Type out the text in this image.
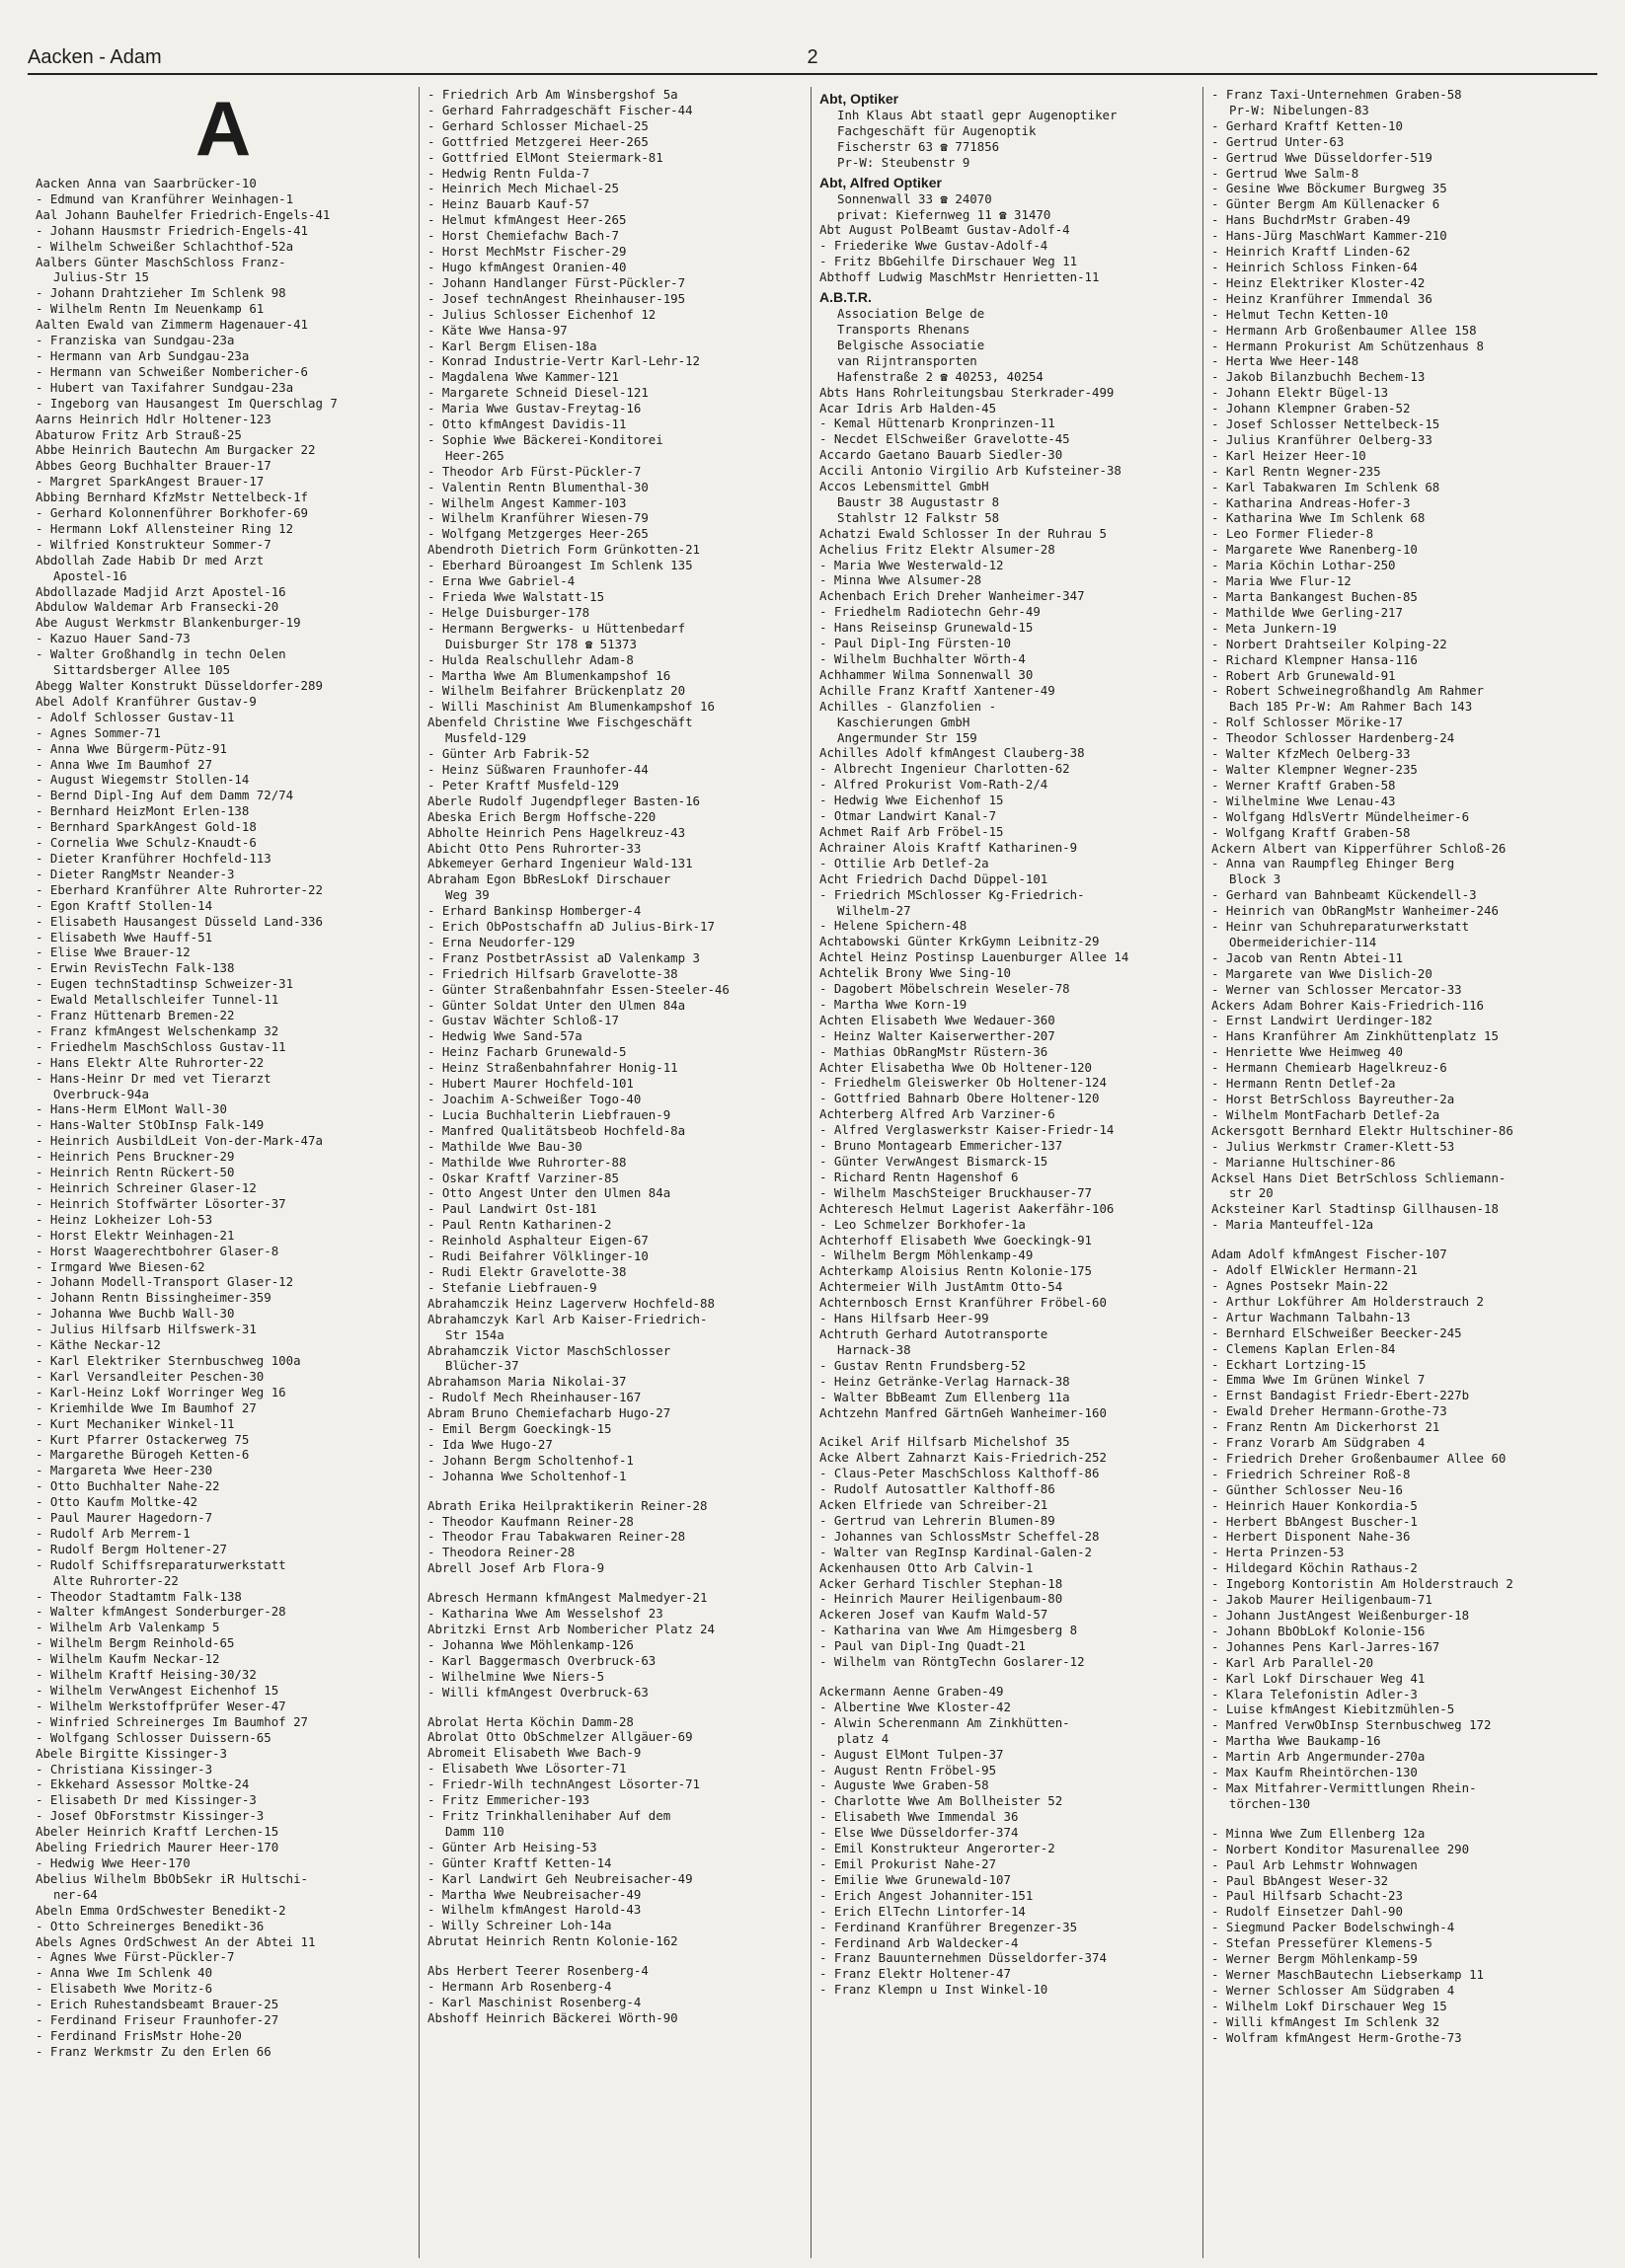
Aacken - Adam	2
A
Aacken Anna van Saarbrücker-10
- Edmund van Kranführer Weinhagen-1
Aal Johann Bauhelfer Friedrich-Engels-41
- Johann Hausmstr Friedrich-Engels-41
- Wilhelm Schweißer Schlachthof-52a
Aalbers Günter MaschSchloss Franz-
Julius-Str 15
- Johann Drahtzieher Im Schlenk 98
- Wilhelm Rentn Im Neuenkamp 61
Aalten Ewald van Zimmerm Hagenauer-41
- Franziska van Sundgau-23a
- Hermann van Arb Sundgau-23a
- Hermann van Schweißer Nombericher-6
- Hubert van Taxifahrer Sundgau-23a
- Ingeborg van Hausangest Im Querschlag 7
Aarns Heinrich Hdlr Holtener-123
Abaturow Fritz Arb Strauß-25
Abbe Heinrich Bautechn Am Burgacker 22
Abbes Georg Buchhalter Brauer-17
- Margret SparkAngest Brauer-17
Abbing Bernhard KfzMstr Nettelbeck-1f
- Gerhard Kolonnenführer Borkhofer-69
- Hermann Lokf Allensteiner Ring 12
- Wilfried Konstrukteur Sommer-7
Abdollah Zade Habib Dr med Arzt
Apostel-16
Abdollazade Madjid Arzt Apostel-16
Abdulow Waldemar Arb Fransecki-20
Abe August Werkmstr Blankenburger-19
- Kazuo Hauer Sand-73
- Walter Großhandlg in techn Oelen
Sittardsberger Allee 105
Abegg Walter Konstrukt Düsseldorfer-289
Abel Adolf Kranführer Gustav-9
- Adolf Schlosser Gustav-11
- Agnes Sommer-71
- Anna Wwe Bürgerm-Pütz-91
- Anna Wwe Im Baumhof 27
- August Wiegemstr Stollen-14
- Bernd Dipl-Ing Auf dem Damm 72/74
- Bernhard HeizMont Erlen-138
- Bernhard SparkAngest Gold-18
- Cornelia Wwe Schulz-Knaudt-6
- Dieter Kranführer Hochfeld-113
- Dieter RangMstr Neander-3
- Eberhard Kranführer Alte Ruhrorter-22
- Egon Kraftf Stollen-14
- Elisabeth Hausangest Düsseld Land-336
- Elisabeth Wwe Hauff-51
- Elise Wwe Brauer-12
- Erwin RevisTechn Falk-138
- Eugen technStadtinsp Schweizer-31
- Ewald Metallschleifer Tunnel-11
- Franz Hüttenarb Bremen-22
- Franz kfmAngest Welschenkamp 32
- Friedhelm MaschSchloss Gustav-11
- Hans Elektr Alte Ruhrorter-22
- Hans-Heinr Dr med vet Tierarzt
Overbruck-94a
- Hans-Herm ElMont Wall-30
- Hans-Walter StObInsp Falk-149
- Heinrich AusbildLeit Von-der-Mark-47a
- Heinrich Pens Bruckner-29
- Heinrich Rentn Rückert-50
- Heinrich Schreiner Glaser-12
- Heinrich Stoffwärter Lösorter-37
- Heinz Lokheizer Loh-53
- Horst Elektr Weinhagen-21
- Horst Waagerechtbohrer Glaser-8
- Irmgard Wwe Biesen-62
- Johann Modell-Transport Glaser-12
- Johann Rentn Bissingheimer-359
- Johanna Wwe Buchb Wall-30
- Julius Hilfsarb Hilfswerk-31
- Käthe Neckar-12
- Karl Elektriker Sternbuschweg 100a
- Karl Versandleiter Peschen-30
- Karl-Heinz Lokf Worringer Weg 16
- Kriemhilde Wwe Im Baumhof 27
- Kurt Mechaniker Winkel-11
- Kurt Pfarrer Ostackerweg 75
- Margarethe Bürogeh Ketten-6
- Margareta Wwe Heer-230
- Otto Buchhalter Nahe-22
- Otto Kaufm Moltke-42
- Paul Maurer Hagedorn-7
- Rudolf Arb Merrem-1
- Rudolf Bergm Holtener-27
- Rudolf Schiffsreparaturwerkstatt
Alte Ruhrorter-22
- Theodor Stadtamtm Falk-138
- Walter kfmAngest Sonderburger-28
- Wilhelm Arb Valenkamp 5
- Wilhelm Bergm Reinhold-65
- Wilhelm Kaufm Neckar-12
- Wilhelm Kraftf Heising-30/32
- Wilhelm VerwAngest Eichenhof 15
- Wilhelm Werkstoffprüfer Weser-47
- Winfried Schreinerges Im Baumhof 27
- Wolfgang Schlosser Duissern-65
Abele Birgitte Kissinger-3
- Christiana Kissinger-3
- Ekkehard Assessor Moltke-24
- Elisabeth Dr med Kissinger-3
- Josef ObForstmstr Kissinger-3
Abeler Heinrich Kraftf Lerchen-15
Abeling Friedrich Maurer Heer-170
- Hedwig Wwe Heer-170
Abelius Wilhelm BbObSekr iR Hultschi-
ner-64
Abeln Emma OrdSchwester Benedikt-2
- Otto Schreinerges Benedikt-36
Abels Agnes OrdSchwest An der Abtei 11
- Agnes Wwe Fürst-Pückler-7
- Anna Wwe Im Schlenk 40
- Elisabeth Wwe Moritz-6
- Erich Ruhestandsbeamt Brauer-25
- Ferdinand Friseur Fraunhofer-27
- Ferdinand FrisMstr Hohe-20
- Franz Werkmstr Zu den Erlen 66
- Friedrich Arb Am Winsbergshof 5a
- Gerhard Fahrradgeschäft Fischer-44
- Gerhard Schlosser Michael-25
- Gottfried Metzgerei Heer-265
- Gottfried ElMont Steiermark-81
- Hedwig Rentn Fulda-7
- Heinrich Mech Michael-25
- Heinz Bauarb Kauf-57
- Helmut kfmAngest Heer-265
- Horst Chemiefachw Bach-7
- Horst MechMstr Fischer-29
- Hugo kfmAngest Oranien-40
- Johann Handlanger Fürst-Pückler-7
- Josef technAngest Rheinhauser-195
- Julius Schlosser Eichenhof 12
- Käte Wwe Hansa-97
- Karl Bergm Elisen-18a
- Konrad Industrie-Vertr Karl-Lehr-12
- Magdalena Wwe Kammer-121
- Margarete Schneid Diesel-121
- Maria Wwe Gustav-Freytag-16
- Otto kfmAngest Davidis-11
- Sophie Wwe Bäckerei-Konditorei
Heer-265
- Theodor Arb Fürst-Pückler-7
- Valentin Rentn Blumenthal-30
- Wilhelm Angest Kammer-103
- Wilhelm Kranführer Wiesen-79
- Wolfgang Metzgerges Heer-265
Abendroth Dietrich Form Grünkotten-21
- Eberhard Büroangest Im Schlenk 135
- Erna Wwe Gabriel-4
- Frieda Wwe Walstatt-15
- Helge Duisburger-178
- Hermann Bergwerks- u Hüttenbedarf
Duisburger Str 178 ☎ 51373
- Hulda Realschullehr Adam-8
- Martha Wwe Am Blumenkampshof 16
- Wilhelm Beifahrer Brückenplatz 20
- Willi Maschinist Am Blumenkampshof 16
Abenfeld Christine Wwe Fischgeschäft
Musfeld-129
- Günter Arb Fabrik-52
- Heinz Süßwaren Fraunhofer-44
- Peter Kraftf Musfeld-129
Aberle Rudolf Jugendpfleger Basten-16
Abeska Erich Bergm Hoffsche-220
Abholte Heinrich Pens Hagelkreuz-43
Abicht Otto Pens Ruhrorter-33
Abkemeyer Gerhard Ingenieur Wald-131
Abraham Egon BbResLokf Dirschauer
Weg 39
- Erhard Bankinsp Homberger-4
- Erich ObPostschaffn aD Julius-Birk-17
- Erna Neudorfer-129
- Franz PostbetrAssist aD Valenkamp 3
- Friedrich Hilfsarb Gravelotte-38
- Günter Straßenbahnfahr Essen-Steeler-46
- Günter Soldat Unter den Ulmen 84a
- Gustav Wächter Schloß-17
- Hedwig Wwe Sand-57a
- Heinz Facharb Grunewald-5
- Heinz Straßenbahnfahrer Honig-11
- Hubert Maurer Hochfeld-101
- Joachim A-Schweißer Togo-40
- Lucia Buchhalterin Liebfrauen-9
- Manfred Qualitätsbeob Hochfeld-8a
- Mathilde Wwe Bau-30
- Mathilde Wwe Ruhrorter-88
- Oskar Kraftf Varziner-85
- Otto Angest Unter den Ulmen 84a
- Paul Landwirt Ost-181
- Paul Rentn Katharinen-2
- Reinhold Asphalteur Eigen-67
- Rudi Beifahrer Völklinger-10
- Rudi Elektr Gravelotte-38
- Stefanie Liebfrauen-9
Abrahamczik Heinz Lagerverw Hochfeld-88
Abrahamczyk Karl Arb Kaiser-Friedrich-
Str 154a
Abrahamczik Victor MaschSchlosser
Blücher-37
Abrahamson Maria Nikolai-37
- Rudolf Mech Rheinhauser-167
Abram Bruno Chemiefacharb Hugo-27
- Emil Bergm Goeckingk-15
- Ida Wwe Hugo-27
- Johann Bergm Scholtenhof-1
- Johanna Wwe Scholtenhof-1
Abrath Erika Heilpraktikerin Reiner-28
- Theodor Kaufmann Reiner-28
- Theodor Frau Tabakwaren Reiner-28
- Theodora Reiner-28
Abrell Josef Arb Flora-9
Abresch Hermann kfmAngest Malmedyer-21
- Katharina Wwe Am Wesselshof 23
Abritzki Ernst Arb Nombericher Platz 24
- Johanna Wwe Möhlenkamp-126
- Karl Baggermasch Overbruck-63
- Wilhelmine Wwe Niers-5
- Willi kfmAngest Overbruck-63
Abrolat Herta Köchin Damm-28
Abrolat Otto ObSchmelzer Allgäuer-69
Abromeit Elisabeth Wwe Bach-9
- Elisabeth Wwe Lösorter-71
- Friedr-Wilh technAngest Lösorter-71
- Fritz Emmericher-193
- Fritz Trinkhallenihaber Auf dem
Damm 110
- Günter Arb Heising-53
- Günter Kraftf Ketten-14
- Karl Landwirt Geh Neubreisacher-49
- Martha Wwe Neubreisacher-49
- Wilhelm kfmAngest Harold-43
- Willy Schreiner Loh-14a
Abrutat Heinrich Rentn Kolonie-162
Abs Herbert Teerer Rosenberg-4
- Hermann Arb Rosenberg-4
- Karl Maschinist Rosenberg-4
Abshoff Heinrich Bäckerei Wörth-90
Abt, Optiker
Inh Klaus Abt staatl gepr Augenoptiker
Fachgeschäft für Augenoptik
Fischerstr 63 ☎ 771856
Pr-W: Steubenstr 9
Abt, Alfred Optiker
Sonnenwall 33 ☎ 24070
privat: Kiefernweg 11 ☎ 31470
Abt August PolBeamt Gustav-Adolf-4
- Friederike Wwe Gustav-Adolf-4
- Fritz BbGehilfe Dirschauer Weg 11
Abthoff Ludwig MaschMstr Henrietten-11
A.B.T.R.
Association Belge de
Transports Rhenans
Belgische Associatie
van Rijntransporten
Hafenstraße 2 ☎ 40253, 40254
Abts Hans Rohrleitungsbau Sterkrader-499
Acar Idris Arb Halden-45
- Kemal Hüttenarb Kronprinzen-11
- Necdet ElSchweißer Gravelotte-45
Accardo Gaetano Bauarb Siedler-30
Accili Antonio Virgilio Arb Kufsteiner-38
Accos Lebensmittel GmbH
Baustr 38 Augustastr 8
Stahlstr 12 Falkstr 58
Achatzi Ewald Schlosser In der Ruhrau 5
Achelius Fritz Elektr Alsumer-28
- Maria Wwe Westerwald-12
- Minna Wwe Alsumer-28
Achenbach Erich Dreher Wanheimer-347
- Friedhelm Radiotechn Gehr-49
- Hans Reiseinsp Grunewald-15
- Paul Dipl-Ing Fürsten-10
- Wilhelm Buchhalter Wörth-4
Achhammer Wilma Sonnenwall 30
Achille Franz Kraftf Xantener-49
Achilles - Glanzfolien -
Kaschierungen GmbH
Angermunder Str 159
Achilles Adolf kfmAngest Clauberg-38
- Albrecht Ingenieur Charlotten-62
- Alfred Prokurist Vom-Rath-2/4
- Hedwig Wwe Eichenhof 15
- Otmar Landwirt Kanal-7
Achmet Raif Arb Fröbel-15
Achrainer Alois Kraftf Katharinen-9
- Ottilie Arb Detlef-2a
Acht Friedrich Dachd Düppel-101
- Friedrich MSchlosser Kg-Friedrich-
Wilhelm-27
- Helene Spichern-48
Achtabowski Günter KrkGymn Leibnitz-29
Achtel Heinz Postinsp Lauenburger Allee 14
Achtelik Brony Wwe Sing-10
- Dagobert Möbelschrein Weseler-78
- Martha Wwe Korn-19
Achten Elisabeth Wwe Wedauer-360
- Heinz Walter Kaiserwerther-207
- Mathias ObRangMstr Rüstern-36
Achter Elisabetha Wwe Ob Holtener-120
- Friedhelm Gleiswerker Ob Holtener-124
- Gottfried Bahnarb Obere Holtener-120
Achterberg Alfred Arb Varziner-6
- Alfred Verglaswerkstr Kaiser-Friedr-14
- Bruno Montagearb Emmericher-137
- Günter VerwAngest Bismarck-15
- Richard Rentn Hagenshof 6
- Wilhelm MaschSteiger Bruckhauser-77
Achteresch Helmut Lagerist Aakerfähr-106
- Leo Schmelzer Borkhofer-1a
Achterhoff Elisabeth Wwe Goeckingk-91
- Wilhelm Bergm Möhlenkamp-49
Achterkamp Aloisius Rentn Kolonie-175
Achtermeier Wilh JustAmtm Otto-54
Achternbosch Ernst Kranführer Fröbel-60
- Hans Hilfsarb Heer-99
Achtruth Gerhard Autotransporte
Harnack-38
- Gustav Rentn Frundsberg-52
- Heinz Getränke-Verlag Harnack-38
- Walter BbBeamt Zum Ellenberg 11a
Achtzehn Manfred GärtnGeh Wanheimer-160
Acikel Arif Hilfsarb Michelshof 35
Acke Albert Zahnarzt Kais-Friedrich-252
- Claus-Peter MaschSchloss Kalthoff-86
- Rudolf Autosattler Kalthoff-86
Acken Elfriede van Schreiber-21
- Gertrud van Lehrerin Blumen-89
- Johannes van SchlossMstr Scheffel-28
- Walter van RegInsp Kardinal-Galen-2
Ackenhausen Otto Arb Calvin-1
Acker Gerhard Tischler Stephan-18
- Heinrich Maurer Heiligenbaum-80
Ackeren Josef van Kaufm Wald-57
- Katharina van Wwe Am Himgesberg 8
- Paul van Dipl-Ing Quadt-21
- Wilhelm van RöntgTechn Goslarer-12
Ackermann Aenne Graben-49
- Albertine Wwe Kloster-42
- Alwin Scherenmann Am Zinkhütten-
platz 4
- August ElMont Tulpen-37
- August Rentn Fröbel-95
- Auguste Wwe Graben-58
- Charlotte Wwe Am Bollheister 52
- Elisabeth Wwe Immendal 36
- Else Wwe Düsseldorfer-374
- Emil Konstrukteur Angerorter-2
- Emil Prokurist Nahe-27
- Emilie Wwe Grunewald-107
- Erich Angest Johanniter-151
- Erich ElTechn Lintorfer-14
- Ferdinand Kranführer Bregenzer-35
- Ferdinand Arb Waldecker-4
- Franz Bauunternehmen Düsseldorfer-374
- Franz Elektr Holtener-47
- Franz Klempn u Inst Winkel-10
- Franz Taxi-Unternehmen Graben-58
Pr-W: Nibelungen-83
- Gerhard Kraftf Ketten-10
- Gertrud Unter-63
- Gertrud Wwe Düsseldorfer-519
- Gertrud Wwe Salm-8
- Gesine Wwe Böckumer Burgweg 35
- Günter Bergm Am Küllenacker 6
- Hans BuchdrMstr Graben-49
- Hans-Jürg MaschWart Kammer-210
- Heinrich Kraftf Linden-62
- Heinrich Schloss Finken-64
- Heinz Elektriker Kloster-42
- Heinz Kranführer Immendal 36
- Helmut Techn Ketten-10
- Hermann Arb Großenbaumer Allee 158
- Hermann Prokurist Am Schützenhaus 8
- Herta Wwe Heer-148
- Jakob Bilanzbuchh Bechem-13
- Johann Elektr Bügel-13
- Johann Klempner Graben-52
- Josef Schlosser Nettelbeck-15
- Julius Kranführer Oelberg-33
- Karl Heizer Heer-10
- Karl Rentn Wegner-235
- Karl Tabakwaren Im Schlenk 68
- Katharina Andreas-Hofer-3
- Katharina Wwe Im Schlenk 68
- Leo Former Flieder-8
- Margarete Wwe Ranenberg-10
- Maria Köchin Lothar-250
- Maria Wwe Flur-12
- Marta Bankangest Buchen-85
- Mathilde Wwe Gerling-217
- Meta Junkern-19
- Norbert Drahtseiler Kolping-22
- Richard Klempner Hansa-116
- Robert Arb Grunewald-91
- Robert Schweinegroßhandlg Am Rahmer
Bach 185 Pr-W: Am Rahmer Bach 143
- Rolf Schlosser Mörike-17
- Theodor Schlosser Hardenberg-24
- Walter KfzMech Oelberg-33
- Walter Klempner Wegner-235
- Werner Kraftf Graben-58
- Wilhelmine Wwe Lenau-43
- Wolfgang HdlsVertr Mündelheimer-6
- Wolfgang Kraftf Graben-58
Ackern Albert van Kipperführer Schloß-26
- Anna van Raumpfleg Ehinger Berg
Block 3
- Gerhard van Bahnbeamt Kückendell-3
- Heinrich van ObRangMstr Wanheimer-246
- Heinr van Schuhreparaturwerkstatt
Obermeiderichier-114
- Jacob van Rentn Abtei-11
- Margarete van Wwe Dislich-20
- Werner van Schlosser Mercator-33
Ackers Adam Bohrer Kais-Friedrich-116
- Ernst Landwirt Uerdinger-182
- Hans Kranführer Am Zinkhüttenplatz 15
- Henriette Wwe Heimweg 40
- Hermann Chemiearb Hagelkreuz-6
- Hermann Rentn Detlef-2a
- Horst BetrSchloss Bayreuther-2a
- Wilhelm MontFacharb Detlef-2a
Ackersgott Bernhard Elektr Hultschiner-86
- Julius Werkmstr Cramer-Klett-53
- Marianne Hultschiner-86
Acksel Hans Diet BetrSchloss Schliemann-
str 20
Acksteiner Karl Stadtinsp Gillhausen-18
- Maria Manteuffel-12a
Adam Adolf kfmAngest Fischer-107
- Adolf ElWickler Hermann-21
- Agnes Postsekr Main-22
- Arthur Lokführer Am Holderstrauch 2
- Artur Wachmann Talbahn-13
- Bernhard ElSchweißer Beecker-245
- Clemens Kaplan Erlen-84
- Eckhart Lortzing-15
- Emma Wwe Im Grünen Winkel 7
- Ernst Bandagist Friedr-Ebert-227b
- Ewald Dreher Hermann-Grothe-73
- Franz Rentn Am Dickerhorst 21
- Franz Vorarb Am Südgraben 4
- Friedrich Dreher Großenbaumer Allee 60
- Friedrich Schreiner Roß-8
- Günther Schlosser Neu-16
- Heinrich Hauer Konkordia-5
- Herbert BbAngest Buscher-1
- Herbert Disponent Nahe-36
- Herta Prinzen-53
- Hildegard Köchin Rathaus-2
- Ingeborg Kontoristin Am Holderstrauch 2
- Jakob Maurer Heiligenbaum-71
- Johann JustAngest Weißenburger-18
- Johann BbObLokf Kolonie-156
- Johannes Pens Karl-Jarres-167
- Karl Arb Parallel-20
- Karl Lokf Dirschauer Weg 41
- Klara Telefonistin Adler-3
- Luise kfmAngest Kiebitzmühlen-5
- Manfred VerwObInsp Sternbuschweg 172
- Martha Wwe Baukamp-16
- Martin Arb Angermunder-270a
- Max Kaufm Rheintörchen-130
- Max Mitfahrer-Vermittlungen Rhein-
törchen-130
- Minna Wwe Zum Ellenberg 12a
- Norbert Konditor Masurenallee 290
- Paul Arb Lehmstr Wohnwagen
- Paul BbAngest Weser-32
- Paul Hilfsarb Schacht-23
- Rudolf Einsetzer Dahl-90
- Siegmund Packer Bodelschwingh-4
- Stefan Pressefürer Klemens-5
- Werner Bergm Möhlenkamp-59
- Werner MaschBautechn Liebserkamp 11
- Werner Schlosser Am Südgraben 4
- Wilhelm Lokf Dirschauer Weg 15
- Willi kfmAngest Im Schlenk 32
- Wolfram kfmAngest Herm-Grothe-73
